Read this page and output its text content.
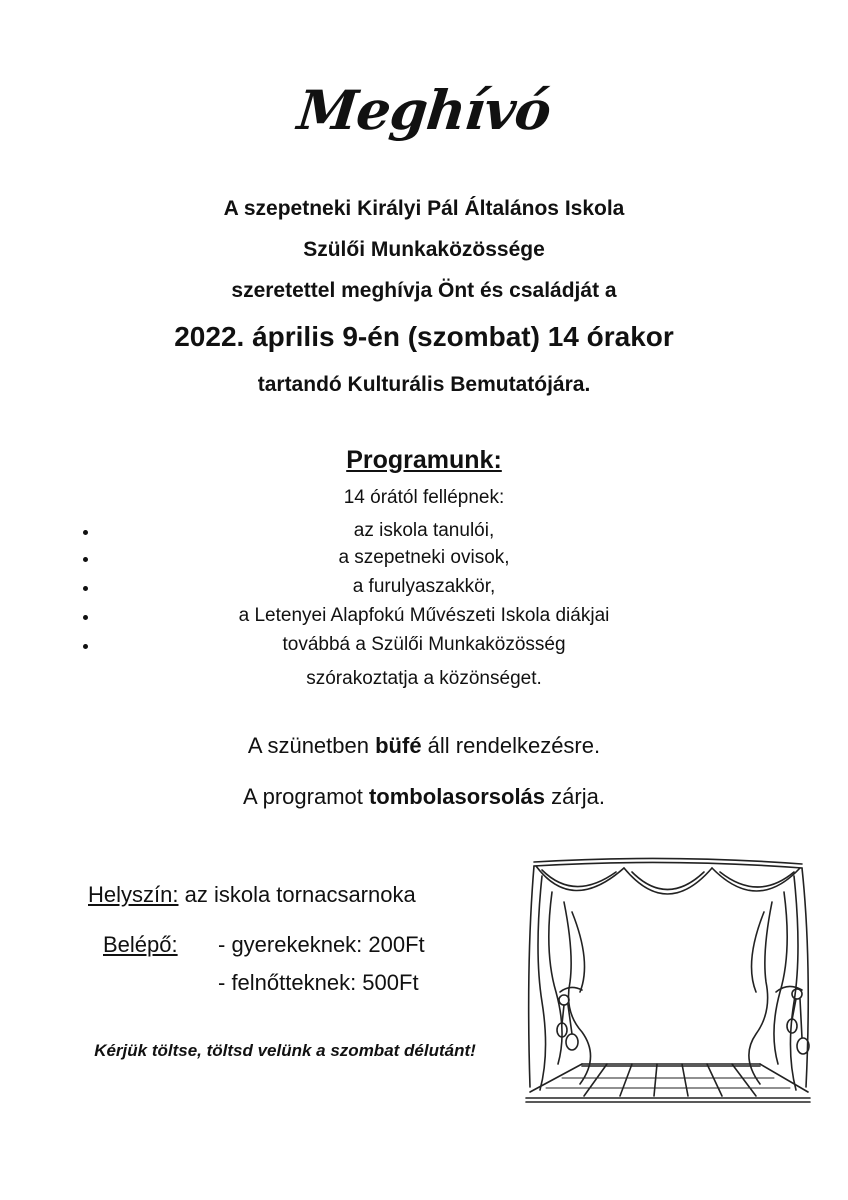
Meghívó
A szepetneki Királyi Pál Általános Iskola
Szülői Munkaközössége
szeretettel meghívja Önt és családját a
2022. április 9-én (szombat) 14 órakor
tartandó Kulturális Bemutatójára.
Programunk:
14 órától fellépnek:
az iskola tanulói,
a szepetneki ovisok,
a furulyaszakkör,
a Letenyei Alapfokú Művészeti Iskola diákjai
továbbá a Szülői Munkaközösség
szórakoztatja a közönséget.
A szünetben büfé áll rendelkezésre.
A programot tombolasorsolás zárja.
Helyszín: az iskola tornacsarnoka
Belépő: - gyerekeknek: 200Ft
- felnőtteknek: 500Ft
Kérjük töltse, töltsd velünk a szombat délutánt!
